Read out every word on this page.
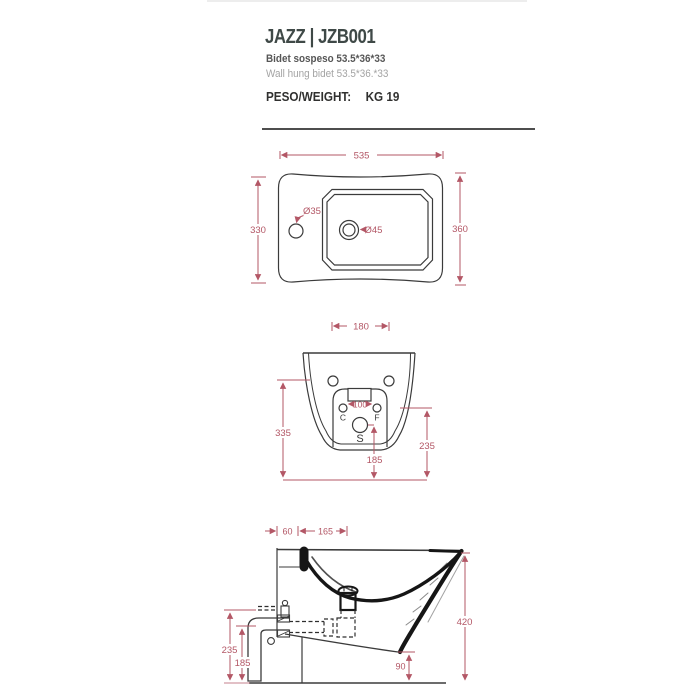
JAZZ | JZB001
Bidet sospeso 53.5*36*33
Wall hung bidet 53.5*36.*33
PESO/WEIGHT: KG 19
535
330	360
Ø35
Ø45
C	F
S
180
100
335
235
185
60	165
420
90
235
185
